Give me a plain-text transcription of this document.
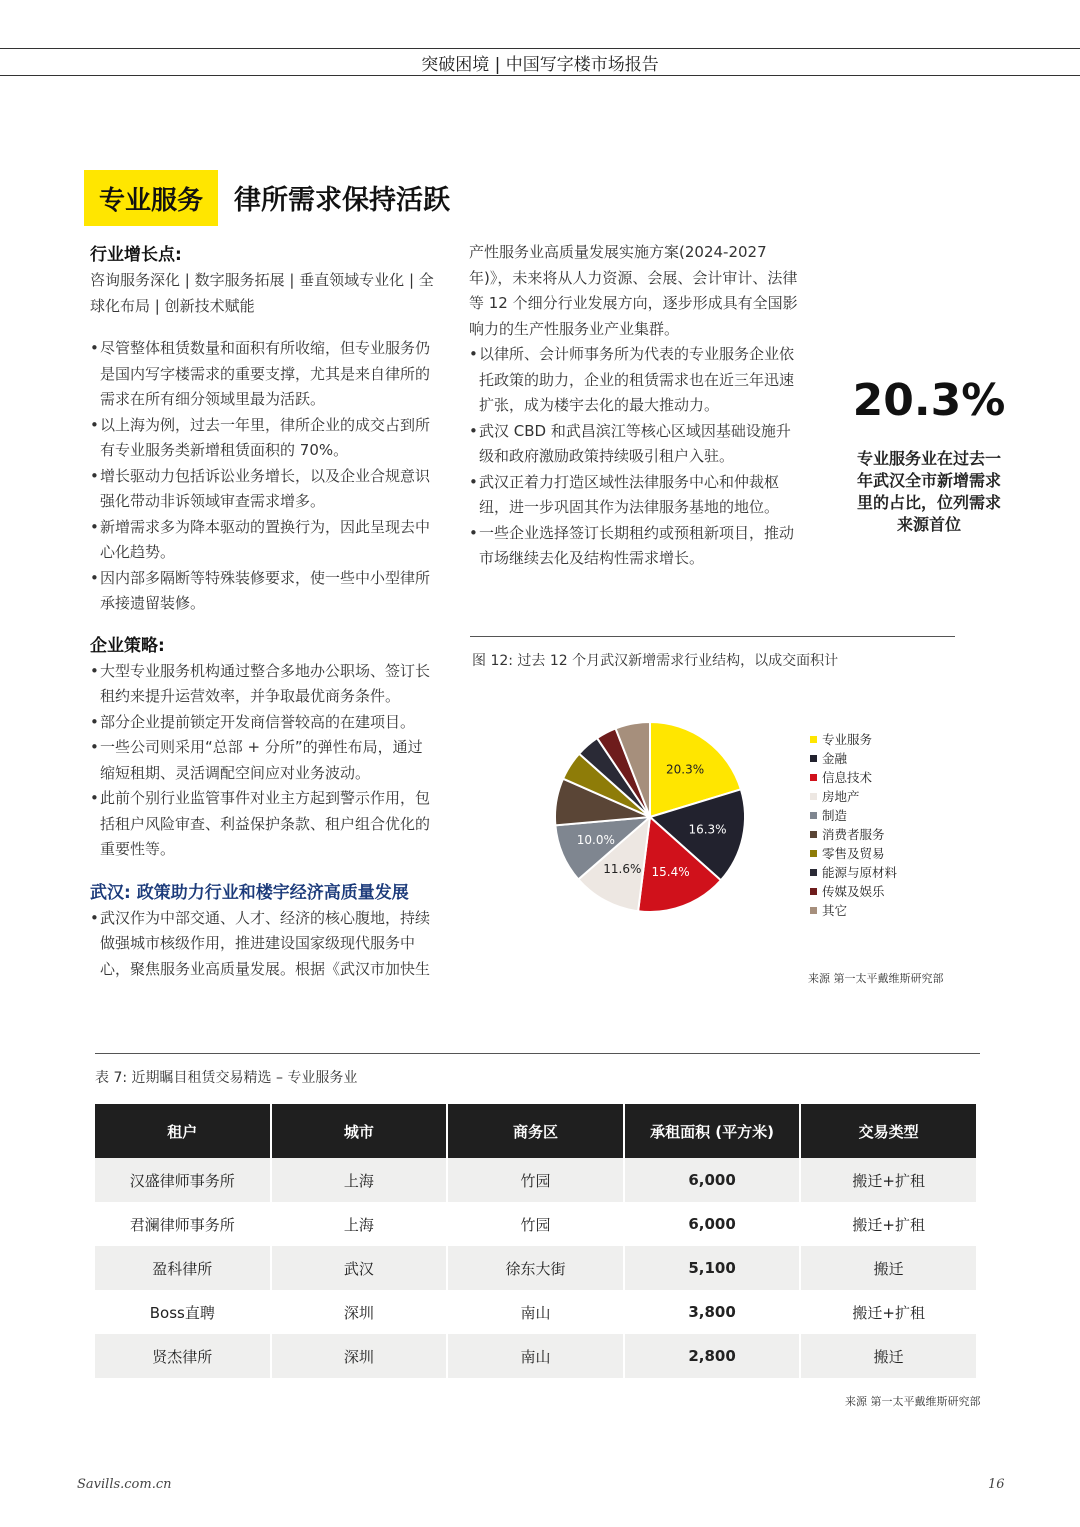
突破困境 | 中国写字楼市场报告
专业服务	律所需求保持活跃
行业增长点:
咨询服务深化 | 数字服务拓展 | 垂直领域专业化 | 全球化布局 | 创新技术赋能
• 尽管整体租赁数量和面积有所收缩，但专业服务仍是国内写字楼需求的重要支撑，尤其是来自律所的需求在所有细分领域里最为活跃。
• 以上海为例，过去一年里，律所企业的成交占到所有专业服务类新增租赁面积的 70%。
• 增长驱动力包括诉讼业务增长，以及企业合规意识强化带动非诉领域审查需求增多。
• 新增需求多为降本驱动的置换行为，因此呈现去中心化趋势。
• 因内部多隔断等特殊装修要求，使一些中小型律所承接遗留装修。
企业策略:
• 大型专业服务机构通过整合多地办公职场、签订长租约来提升运营效率，并争取最优商务条件。
• 部分企业提前锁定开发商信誉较高的在建项目。
• 一些公司则采用“总部 + 分所”的弹性布局，通过缩短租期、灵活调配空间应对业务波动。
• 此前个别行业监管事件对业主方起到警示作用，包括租户风险审查、利益保护条款、租户组合优化的重要性等。
武汉: 政策助力行业和楼宇经济高质量发展
• 武汉作为中部交通、人才、经济的核心腹地，持续做强城市核级作用，推进建设国家级现代服务中心，聚焦服务业高质量发展。根据《武汉市加快生
产性服务业高质量发展实施方案(2024-2027 年)》，未来将从人力资源、会展、会计审计、法律等 12 个细分行业发展方向，逐步形成具有全国影响力的生产性服务业产业集群。
• 以律所、会计师事务所为代表的专业服务企业依托政策的助力，企业的租赁需求也在近三年迅速扩张，成为楼宇去化的最大推动力。
• 武汉 CBD 和武昌滨江等核心区域因基础设施升级和政府激励政策持续吸引租户入驻。
• 武汉正着力打造区域性法律服务中心和仲裁枢纽，进一步巩固其作为法律服务基地的地位。
• 一些企业选择签订长期租约或预租新项目，推动市场继续去化及结构性需求增长。
20.3%
专业服务业在过去一年武汉全市新增需求里的占比，位列需求来源首位
图 12: 过去 12 个月武汉新增需求行业结构，以成交面积计
20.3%
16.3%
15.4%
11.6%
10.0%
专业服务
金融
信息技术
房地产
制造
消费者服务
零售及贸易
能源与原材料
传媒及娱乐
其它
来源 第一太平戴维斯研究部
表 7: 近期瞩目租赁交易精选 – 专业服务业
租户	城市	商务区	承租面积 (平方米)	交易类型
汉盛律师事务所	上海	竹园	6,000	搬迁+扩租
君澜律师事务所	上海	竹园	6,000	搬迁+扩租
盈科律所	武汉	徐东大街	5,100	搬迁
Boss直聘	深圳	南山	3,800	搬迁+扩租
贤杰律所	深圳	南山	2,800	搬迁
来源 第一太平戴维斯研究部
Savills.com.cn	16
